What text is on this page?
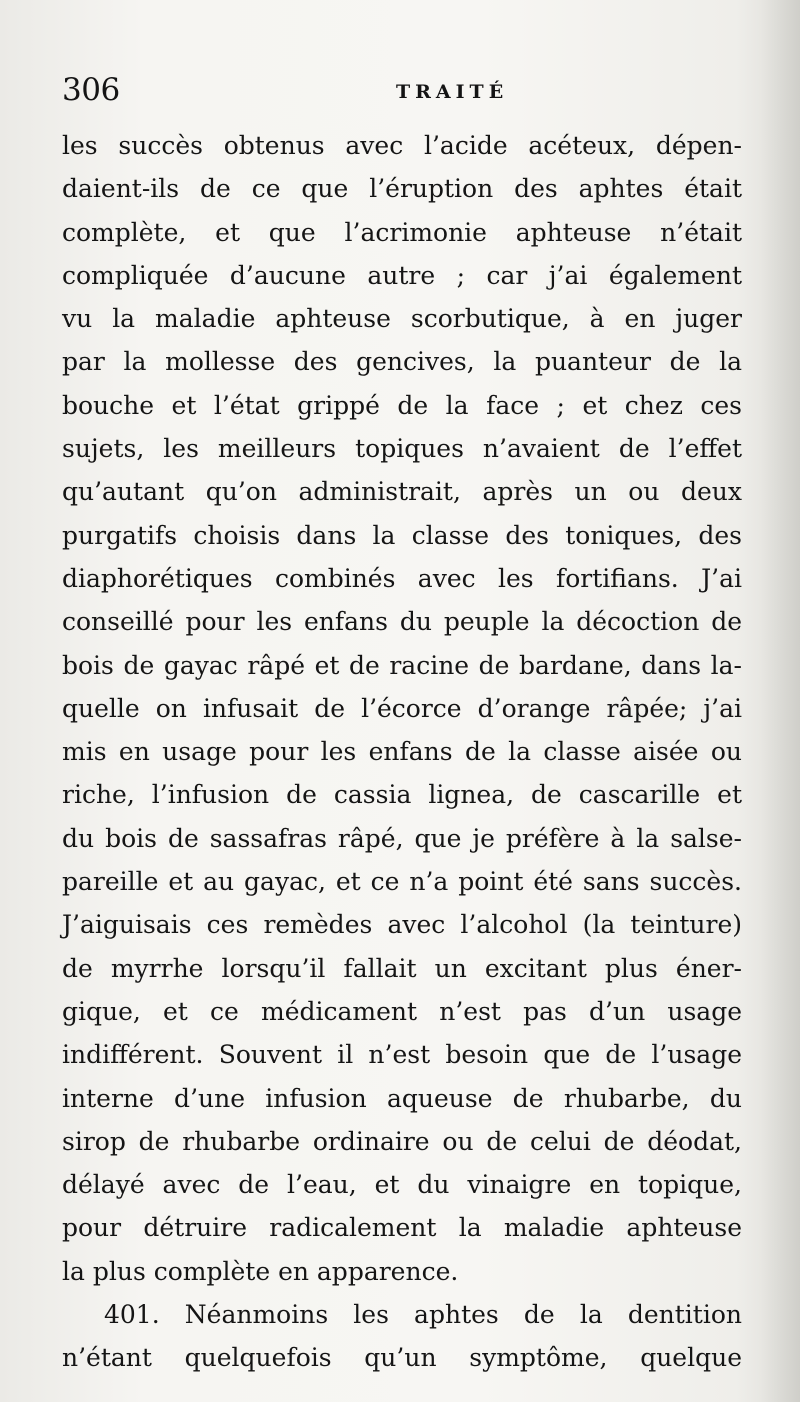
306	TRAITÉ
les succès obtenus avec l’acide acéteux, dépen-
daient-ils de ce que l’éruption des aphtes était
complète, et que l’acrimonie aphteuse n’était
compliquée d’aucune autre ; car j’ai également
vu la maladie aphteuse scorbutique, à en juger
par la mollesse des gencives, la puanteur de la
bouche et l’état grippé de la face ; et chez ces
sujets, les meilleurs topiques n’avaient de l’effet
qu’autant qu’on administrait, après un ou deux
purgatifs choisis dans la classe des toniques, des
diaphorétiques combinés avec les fortifians. J’ai
conseillé pour les enfans du peuple la décoction de
bois de gayac râpé et de racine de bardane, dans la-
quelle on infusait de l’écorce d’orange râpée; j’ai
mis en usage pour les enfans de la classe aisée ou
riche, l’infusion de cassia lignea, de cascarille et
du bois de sassafras râpé, que je préfère à la salse-
pareille et au gayac, et ce n’a point été sans succès.
J’aiguisais ces remèdes avec l’alcohol (la teinture)
de myrrhe lorsqu’il fallait un excitant plus éner-
gique, et ce médicament n’est pas d’un usage
indifférent. Souvent il n’est besoin que de l’usage
interne d’une infusion aqueuse de rhubarbe, du
sirop de rhubarbe ordinaire ou de celui de déodat,
délayé avec de l’eau, et du vinaigre en topique,
pour détruire radicalement la maladie aphteuse
la plus complète en apparence.
401. Néanmoins les aphtes de la dentition
n’étant quelquefois qu’un symptôme, quelque
